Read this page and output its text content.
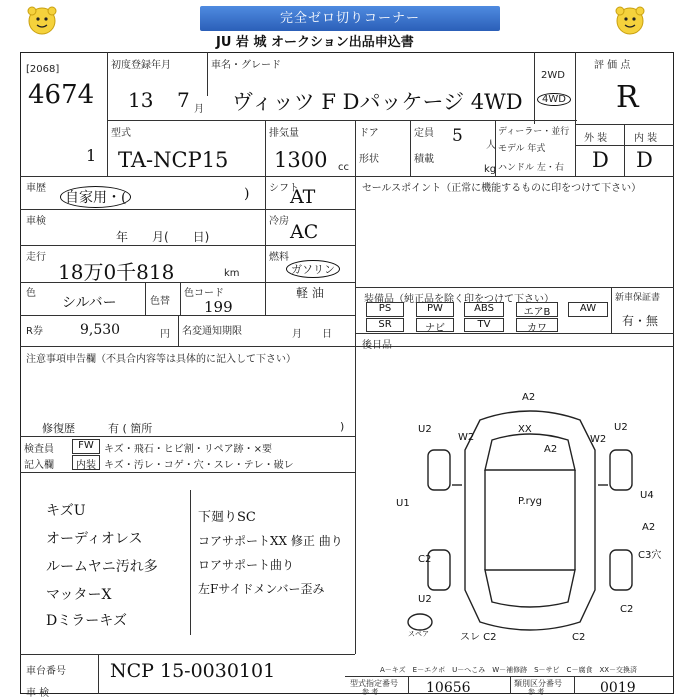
完全ゼロ切りコーナー
JU 岩 城 オークション出品申込書
[2068]
4674
初度登録年月
13 7 月
車名・グレード
ヴィッツ F Dパッケージ 4WD
2WD
4WD
評 価 点
R
外 装	内 装
D D
1
型式
TA-NCP15
排気量
1300 cc
ドア
形状
定員 5 人
積載
kg
ディーラー・並行
モデル 年式
ハンドル 左・右
車歴
自家用・(	) シフト
AT
車検
年　　月(　　日)
冷房 AC
走行
18万0千818	km
燃料
ガソリン
軽 油
色
シルバー	色替
色コード
199
セールスポイント（正常に機能するものに印をつけて下さい）
R券	9,530	円 名変通知期限	月　　日
装備品（純正品を除く印をつけて下さい）	新車保証書
有・無
PS	PW	ABS	エアB	AW
SR	ナビ	TV	カワ
後日品
注意事項申告欄（不具合内容等は具体的に記入して下さい）
修復歴	有 ( 箇所	)
検査員
記入欄
FW	キズ・飛石・ヒビ割・リペア跡・×要
内装 キズ・汚レ・コゲ・穴・スレ・テレ・破レ
キズU
オーディオレス
ルームヤニ汚れ多
マッターX
Dミラーキズ
下廻りSC
コアサポートXX 修正 曲り
ロアサポート曲り
左Fサイドメンバー歪み
A2
U2
W2
XX
A2
U2
W2
P.ryg
U1
U4
A2
C2	C3穴
U2
C2
スレ C2	C2
スペア
A－キズ　E－エクボ　U－へこみ　W－補修跡　S－サビ　C－腐食　XX－交換済
車台番号 NCP 15-0030101
車 検
型式指定番号
参 考	10656	類別区分番号
参 考	0019
